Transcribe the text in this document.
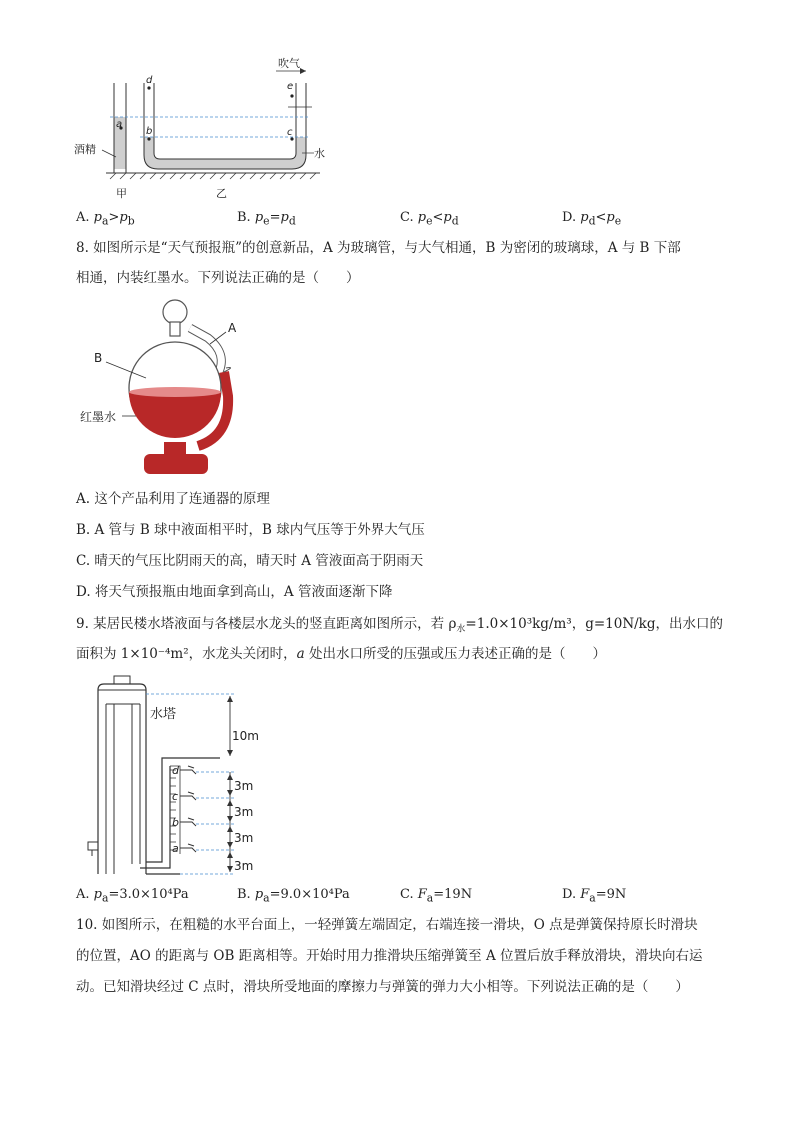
吹气
a
d
b
e
c
酒精	水
甲	乙
A. $p_a>p_b$	B. $p_e=p_d$	C. $p_e<p_d$	D. $p_d<p_e$
8. 如图所示是“天气预报瓶”的创意新品，A 为玻璃管，与大气相通，B 为密闭的玻璃球，A 与 B 下部
相通，内装红墨水。下列说法正确的是（　　）
A
B
红墨水
A. 这个产品利用了连通器的原理
B. A 管与 B 球中液面相平时，B 球内气压等于外界大气压
C. 晴天的气压比阴雨天的高，晴天时 A 管液面高于阴雨天
D. 将天气预报瓶由地面拿到高山，A 管液面逐渐下降
9. 某居民楼水塔液面与各楼层水龙头的竖直距离如图所示，若 $\rho_水=1.0\times 10^3kg/m^3$，g=10N/kg，出水口的
面积为 1×10⁻⁴m²，水龙头关闭时，a 处出水口所受的压强或压力表述正确的是（　　）
水塔
10m
3m
3m
3m
3m
d
c
b
a
A. $p_a=3.0\times 10^4Pa$	B. $p_a=9.0\times 10^4Pa$	C. $F_a=19N$	D. $F_a=9N$
10. 如图所示，在粗糙的水平台面上，一轻弹簧左端固定，右端连接一滑块，O 点是弹簧保持原长时滑块
的位置，AO 的距离与 OB 距离相等。开始时用力推滑块压缩弹簧至 A 位置后放手释放滑块，滑块向右运
动。已知滑块经过 C 点时，滑块所受地面的摩擦力与弹簧的弹力大小相等。下列说法正确的是（　　）
